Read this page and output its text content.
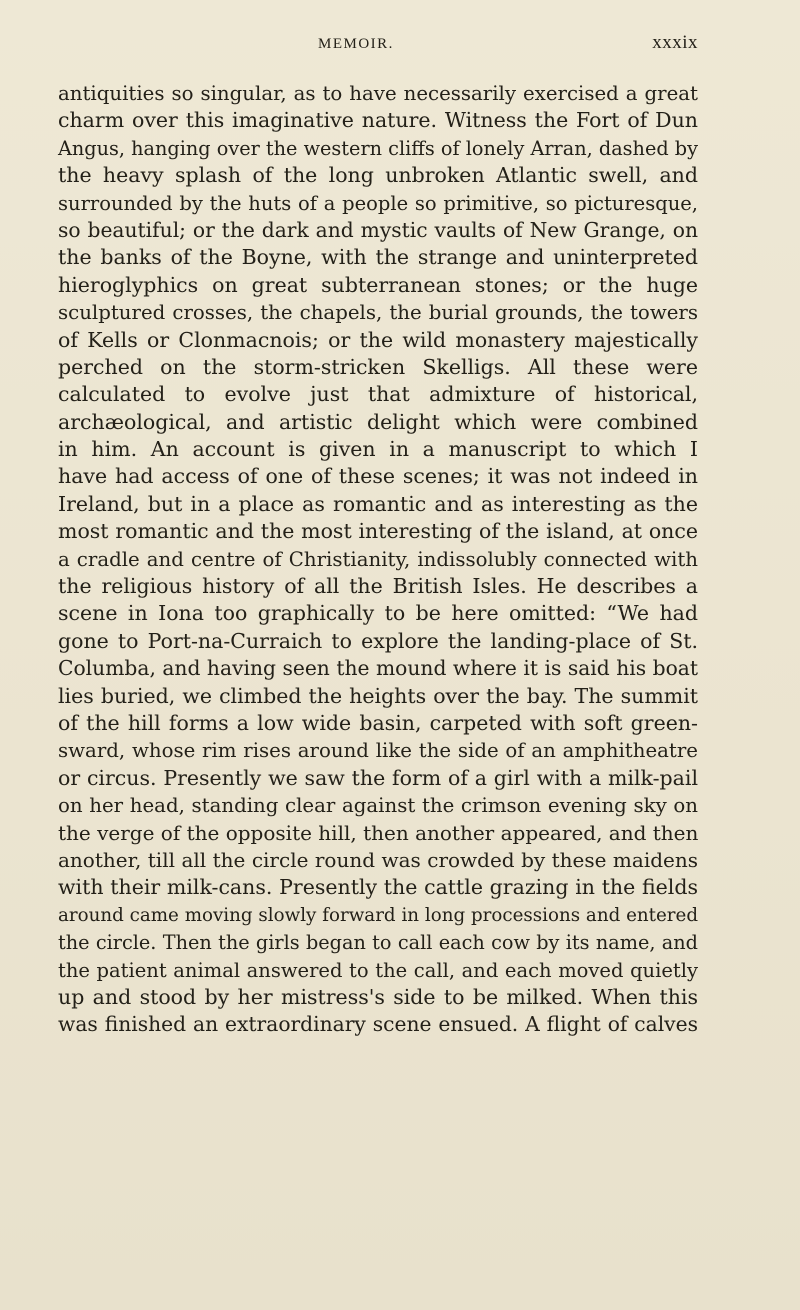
MEMOIR.	xxxix
antiquities so singular, as to have necessarily exercised a great
charm over this imaginative nature. Witness the Fort of Dun
Angus, hanging over the western cliffs of lonely Arran, dashed by
the heavy splash of the long unbroken Atlantic swell, and
surrounded by the huts of a people so primitive, so picturesque,
so beautiful; or the dark and mystic vaults of New Grange, on
the banks of the Boyne, with the strange and uninterpreted
hieroglyphics on great subterranean stones; or the huge
sculptured crosses, the chapels, the burial grounds, the towers
of Kells or Clonmacnois; or the wild monastery majestically
perched on the storm-stricken Skelligs. All these were
calculated to evolve just that admixture of historical,
archæological, and artistic delight which were combined
in him. An account is given in a manuscript to which I
have had access of one of these scenes; it was not indeed in
Ireland, but in a place as romantic and as interesting as the
most romantic and the most interesting of the island, at once
a cradle and centre of Christianity, indissolubly connected with
the religious history of all the British Isles. He describes a
scene in Iona too graphically to be here omitted: “We had
gone to Port-na-Curraich to explore the landing-place of St.
Columba, and having seen the mound where it is said his boat
lies buried, we climbed the heights over the bay. The summit
of the hill forms a low wide basin, carpeted with soft green-
sward, whose rim rises around like the side of an amphitheatre
or circus. Presently we saw the form of a girl with a milk-pail
on her head, standing clear against the crimson evening sky on
the verge of the opposite hill, then another appeared, and then
another, till all the circle round was crowded by these maidens
with their milk-cans. Presently the cattle grazing in the fields
around came moving slowly forward in long processions and entered
the circle. Then the girls began to call each cow by its name, and
the patient animal answered to the call, and each moved quietly
up and stood by her mistress's side to be milked. When this
was finished an extraordinary scene ensued. A flight of calves
